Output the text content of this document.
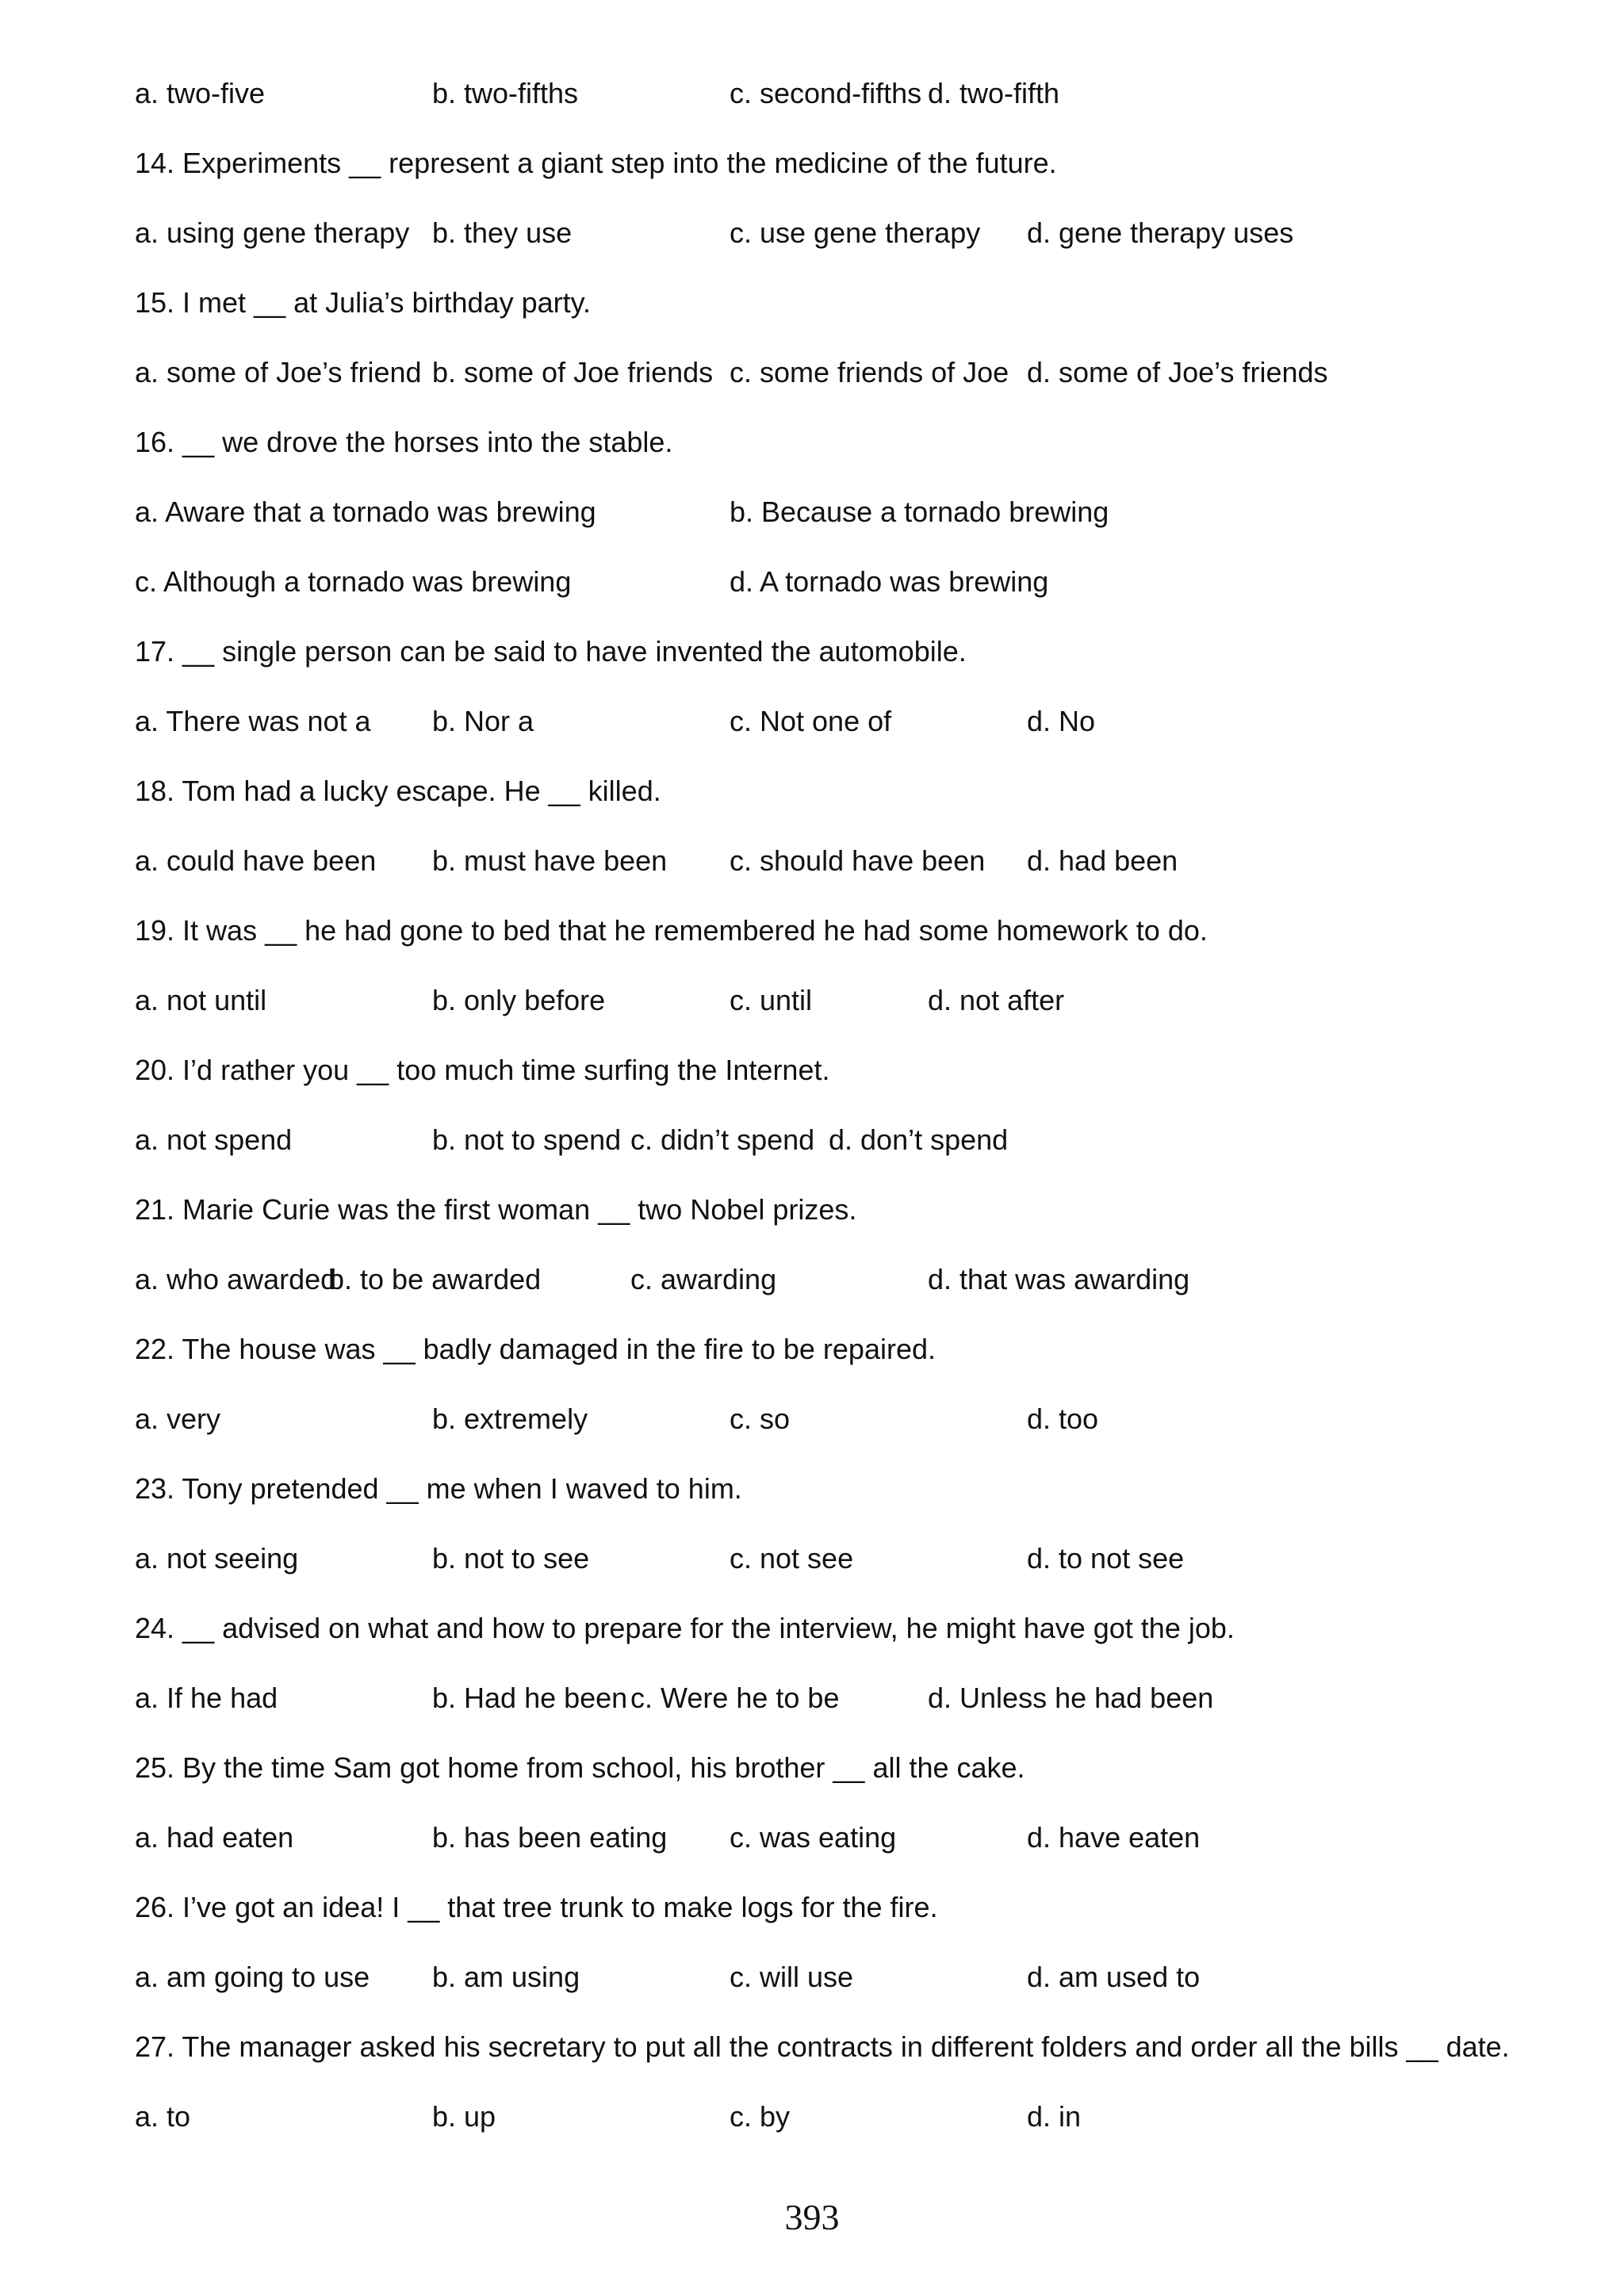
a. two-five	b. two-fifths	c. second-fifths d. two-fifth
14. Experiments __ represent a giant step into the medicine of the future.
a. using gene therapy b. they use	c. use gene therapy d. gene therapy uses
15. I met __ at Julia’s birthday party.
a. some of Joe’s friend b. some of Joe friends c. some friends of Joe d. some of Joe’s friends
16. __ we drove the horses into the stable.
a. Aware that a tornado was brewing	b. Because a tornado brewing
c. Although a tornado was brewing	d. A tornado was brewing
17. __ single person can be said to have invented the automobile.
a. There was not a b. Nor a	c. Not one of	d. No
18. Tom had a lucky escape. He __ killed.
a. could have been b. must have been c. should have been d. had been
19. It was __ he had gone to bed that he remembered he had some homework to do.
a. not until	b. only before	c. until	d. not after
20. I’d rather you __ too much time surfing the Internet.
a. not spend	b. not to spend c. didn’t spend d. don’t spend
21. Marie Curie was the first woman __ two Nobel prizes.
a. who awarded
b. to be awarded	c. awarding	d. that was awarding
22. The house was __ badly damaged in the fire to be repaired.
a. very	b. extremely	c. so	d. too
23. Tony pretended __ me when I waved to him.
a. not seeing	b. not to see	c. not see	d. to not see
24. __ advised on what and how to prepare for the interview, he might have got the job.
a. If he had	b. Had he been c. Were he to be	d. Unless he had been
25. By the time Sam got home from school, his brother __ all the cake.
a. had eaten	b. has been eating c. was eating	d. have eaten
26. I’ve got an idea! I __ that tree trunk to make logs for the fire.
a. am going to use b. am using	c. will use	d. am used to
27. The manager asked his secretary to put all the contracts in different folders and order all the bills __ date.
a. to	b. up	c. by	d. in
393
